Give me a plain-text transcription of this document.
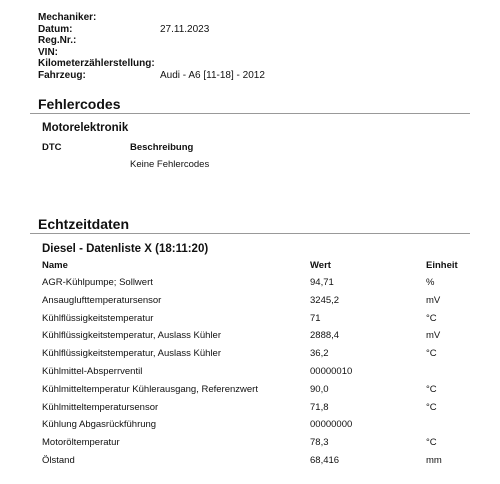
Mechaniker:
Datum:	27.11.2023
Reg.Nr.:
VIN:
Kilometerzählerstellung:
Fahrzeug:	Audi - A6 [11-18] - 2012
Fehlercodes
Motorelektronik
DTC	Beschreibung
Keine Fehlercodes
Echtzeitdaten
Diesel - Datenliste X (18:11:20)
Name	Wert	Einheit
AGR-Kühlpumpe; Sollwert	94,71	%
Ansauglufttemperatursensor	3245,2	mV
Kühlflüssigkeitstemperatur	71	°C
Kühlflüssigkeitstemperatur, Auslass Kühler	2888,4	mV
Kühlflüssigkeitstemperatur, Auslass Kühler	36,2	°C
Kühlmittel-Absperrventil	00000010
Kühlmitteltemperatur Kühlerausgang, Referenzwert	90,0	°C
Kühlmitteltemperatursensor	71,8	°C
Kühlung Abgasrückführung	00000000
Motoröltemperatur	78,3	°C
Ölstand	68,416	mm
